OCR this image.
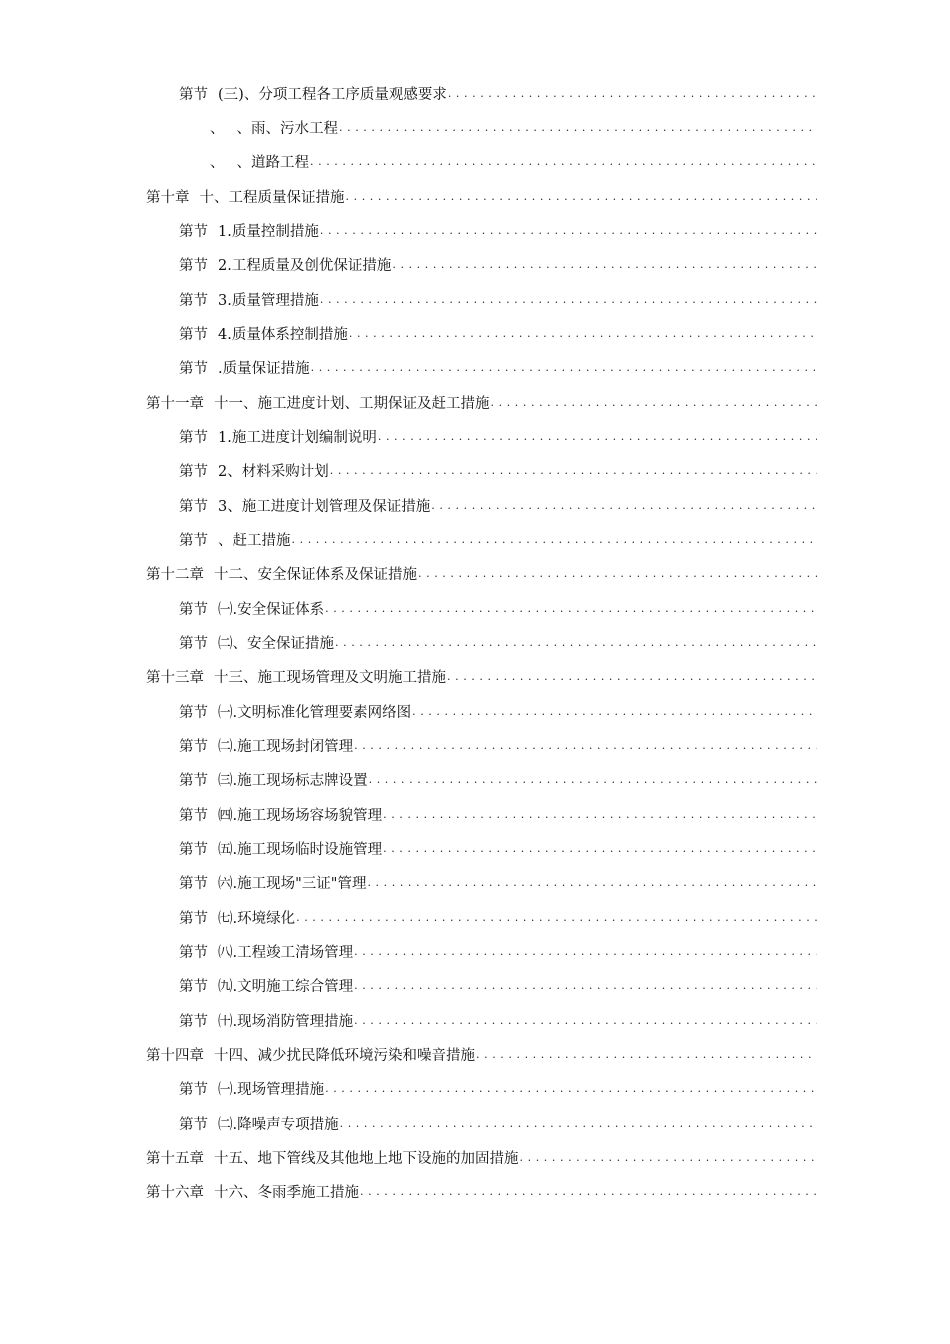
第节 (三)、分项工程各工序质量观感要求
.....
、 、雨、污水工程
.....
、 、道路工程
.....
第十章 十、工程质量保证措施
.....
第节 1.质量控制措施
.....
第节 2.工程质量及创优保证措施
.....
第节 3.质量管理措施
.....
第节 4.质量体系控制措施
.....
第节 .质量保证措施
.....
第十一章 十一、施工进度计划、工期保证及赶工措施
.....
第节 1.施工进度计划编制说明
.....
第节 2、材料采购计划
.....
第节 3、施工进度计划管理及保证措施
.....
第节 、赶工措施
.....
第十二章 十二、安全保证体系及保证措施
.....
第节 ㈠.安全保证体系
.....
第节 ㈡、安全保证措施
.....
第十三章 十三、施工现场管理及文明施工措施
.....
第节 ㈠.文明标准化管理要素网络图
.....
第节 ㈡.施工现场封闭管理
.....
第节 ㈢.施工现场标志牌设置
.....
第节 ㈣.施工现场场容场貌管理
.....
第节 ㈤.施工现场临时设施管理
.....
第节 ㈥.施工现场"三证"管理
.....
第节 ㈦.环境绿化
.....
第节 ㈧.工程竣工清场管理
.....
第节 ㈨.文明施工综合管理
.....
第节 ㈩.现场消防管理措施
.....
第十四章 十四、减少扰民降低环境污染和噪音措施
.....
第节 ㈠.现场管理措施
.....
第节 ㈡.降噪声专项措施
.....
第十五章 十五、地下管线及其他地上地下设施的加固措施
.....
第十六章 十六、冬雨季施工措施
.....
